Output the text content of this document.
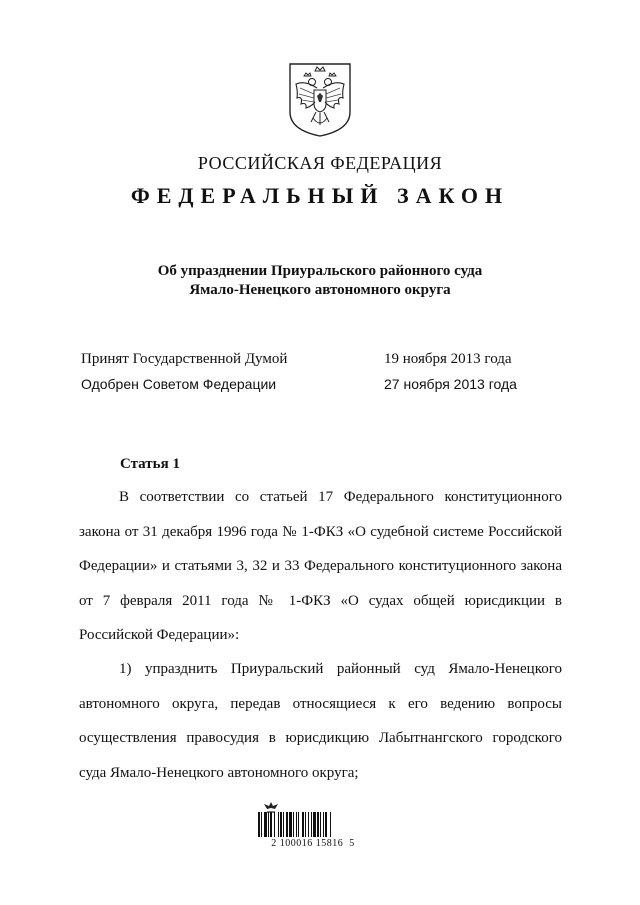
РОССИЙСКАЯ ФЕДЕРАЦИЯ
ФЕДЕРАЛЬНЫЙ ЗАКОН
Об упразднении Приуральского районного суда
Ямало-Ненецкого автономного округа
Принят Государственной Думой	19 ноября 2013 года
Одобрен Советом Федерации	27 ноября 2013 года
Статья 1

В соответствии со статьей 17 Федерального конституционного закона от 31 декабря 1996 года № 1-ФКЗ «О судебной системе Российской Федерации» и статьями 3, 32 и 33 Федерального конституционного закона от 7 февраля 2011 года № 1-ФКЗ «О судах общей юрисдикции в Российской Федерации»:

1) упразднить Приуральский районный суд Ямало-Ненецкого автономного округа, передав относящиеся к его ведению вопросы осуществления правосудия в юрисдикцию Лабытнангского городского суда Ямало-Ненецкого автономного округа;

2 100016 15816  5
